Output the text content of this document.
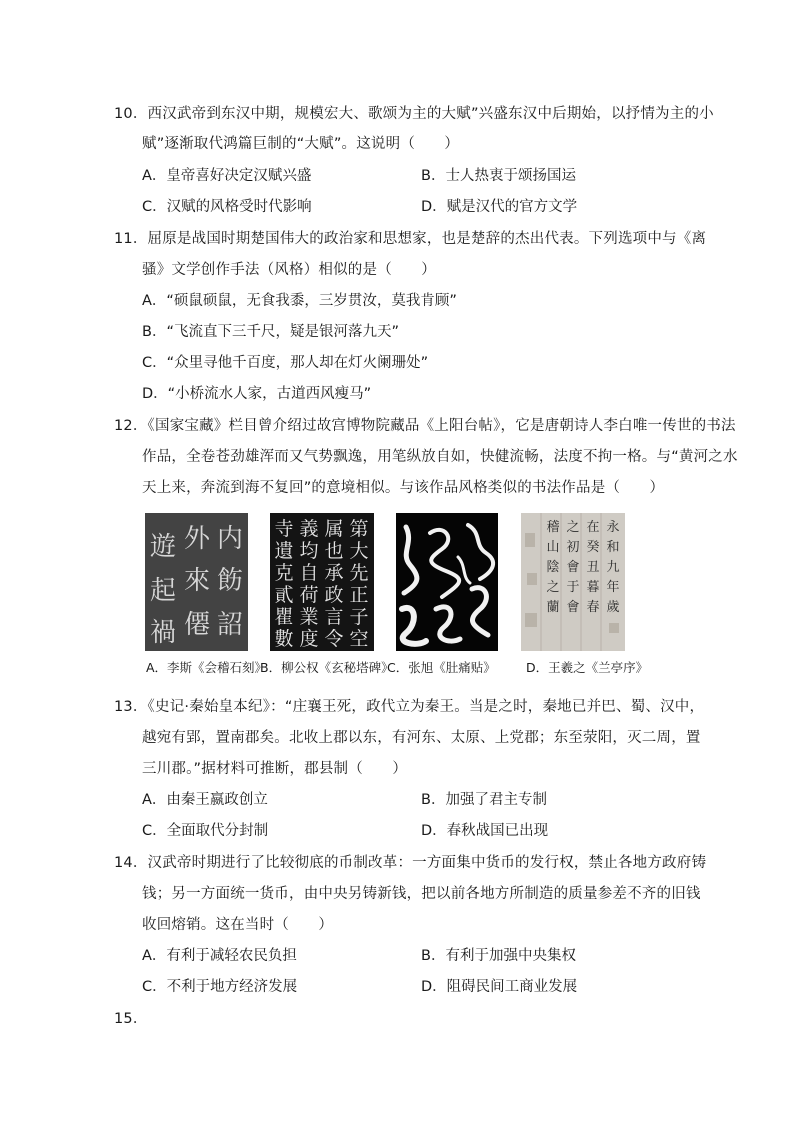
10．西汉武帝到东汉中期，规模宏大、歌颂为主的大赋”兴盛东汉中后期始，以抒情为主的小
赋”逐渐取代鸿篇巨制的“大赋”。这说明（　　）
A．皇帝喜好决定汉赋兴盛	B．士人热衷于颂扬国运
C．汉赋的风格受时代影响	D．赋是汉代的官方文学
11．屈原是战国时期楚国伟大的政治家和思想家，也是楚辞的杰出代表。下列选项中与《离
骚》文学创作手法（风格）相似的是（　　）
A．“硕鼠硕鼠，无食我黍，三岁贯汝，莫我肯顾”
B．“飞流直下三千尺，疑是银河落九天”
C．“众里寻他千百度，那人却在灯火阑珊处”
D．“小桥流水人家，古道西风瘦马”
12．《国家宝藏》栏目曾介绍过故宫博物院藏品《上阳台帖》，它是唐朝诗人李白唯一传世的书法
作品，全卷苍劲雄浑而又气势飘逸，用笔纵放自如，快健流畅，法度不拘一格。与“黄河之水
天上来，奔流到海不复回”的意境相似。与该作品风格类似的书法作品是（　　）
内
外
遊
飭
來
起
詔
僊
禍
寺 義 属
遺 均 也
克 自 承
貳 荷 政
第
大
先
正
子
瞿 業 言
數 度 令 空
永
和
九
年
歲
在
癸
丑
暮
春
之
初
會
于
會
稽
山
陰
之
蘭
A．李斯《会稽石刻》
B．柳公权《玄秘塔碑》
C．张旭《肚痛贴》 D．王羲之《兰亭序》
13．《史记·秦始皇本纪》：“庄襄王死，政代立为秦王。当是之时，秦地已并巴、蜀、汉中，
越宛有郢，置南郡矣。北收上郡以东，有河东、太原、上党郡；东至荥阳，灭二周，置
三川郡。”据材料可推断，郡县制（　　）
A．由秦王嬴政创立	B．加强了君主专制
C．全面取代分封制	D．春秋战国已出现
14．汉武帝时期进行了比较彻底的币制改革：一方面集中货币的发行权，禁止各地方政府铸
钱；另一方面统一货币，由中央另铸新钱，把以前各地方所制造的质量参差不齐的旧钱
收回熔销。这在当时（　　）
A．有利于减轻农民负担	B．有利于加强中央集权
C．不利于地方经济发展	D．阻碍民间工商业发展
15．
